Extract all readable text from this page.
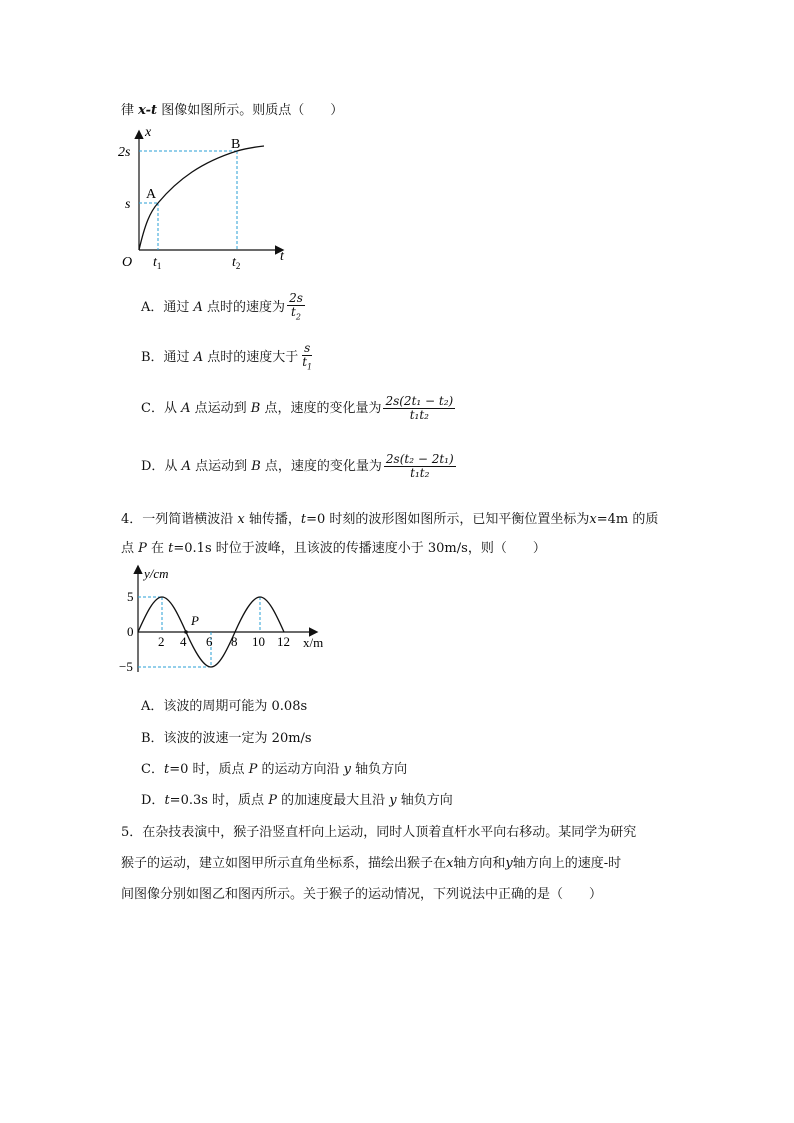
律 x-t 图像如图所示。则质点（　　）
x
t
O
2s
s
A
B
$t_1$	$t_2$
A．通过 A 点时的速度为 $\frac{2s}{t_2}$
B．通过 A 点时的速度大于 $\frac{s}{t_1}$
C．从 A 点运动到 B 点，速度的变化量为 $\frac{\text{2s(2t₁ − t₂)}}{\text{t₁t₂}}$
D．从 A 点运动到 B 点，速度的变化量为 $\frac{\text{2s(t₂ − 2t₁)}}{\text{t₁t₂}}$
4．一列简谐横波沿 x 轴传播，t=0 时刻的波形图如图所示，已知平衡位置坐标为x=4m 的质
点 P 在 t=0.1s 时位于波峰，且该波的传播速度小于 30m/s，则（　　）
P
y/cm
x/m
5
0
−5
2 4 6 8 10 12
A．该波的周期可能为 0.08s
B．该波的波速一定为 20m/s
C．t=0 时，质点 P 的运动方向沿 y 轴负方向
D．t=0.3s 时，质点 P 的加速度最大且沿 y 轴负方向
5．在杂技表演中，猴子沿竖直杆向上运动，同时人顶着直杆水平向右移动。某同学为研究
猴子的运动，建立如图甲所示直角坐标系，描绘出猴子在x轴方向和y轴方向上的速度-时
间图像分别如图乙和图丙所示。关于猴子的运动情况，下列说法中正确的是（　　）
